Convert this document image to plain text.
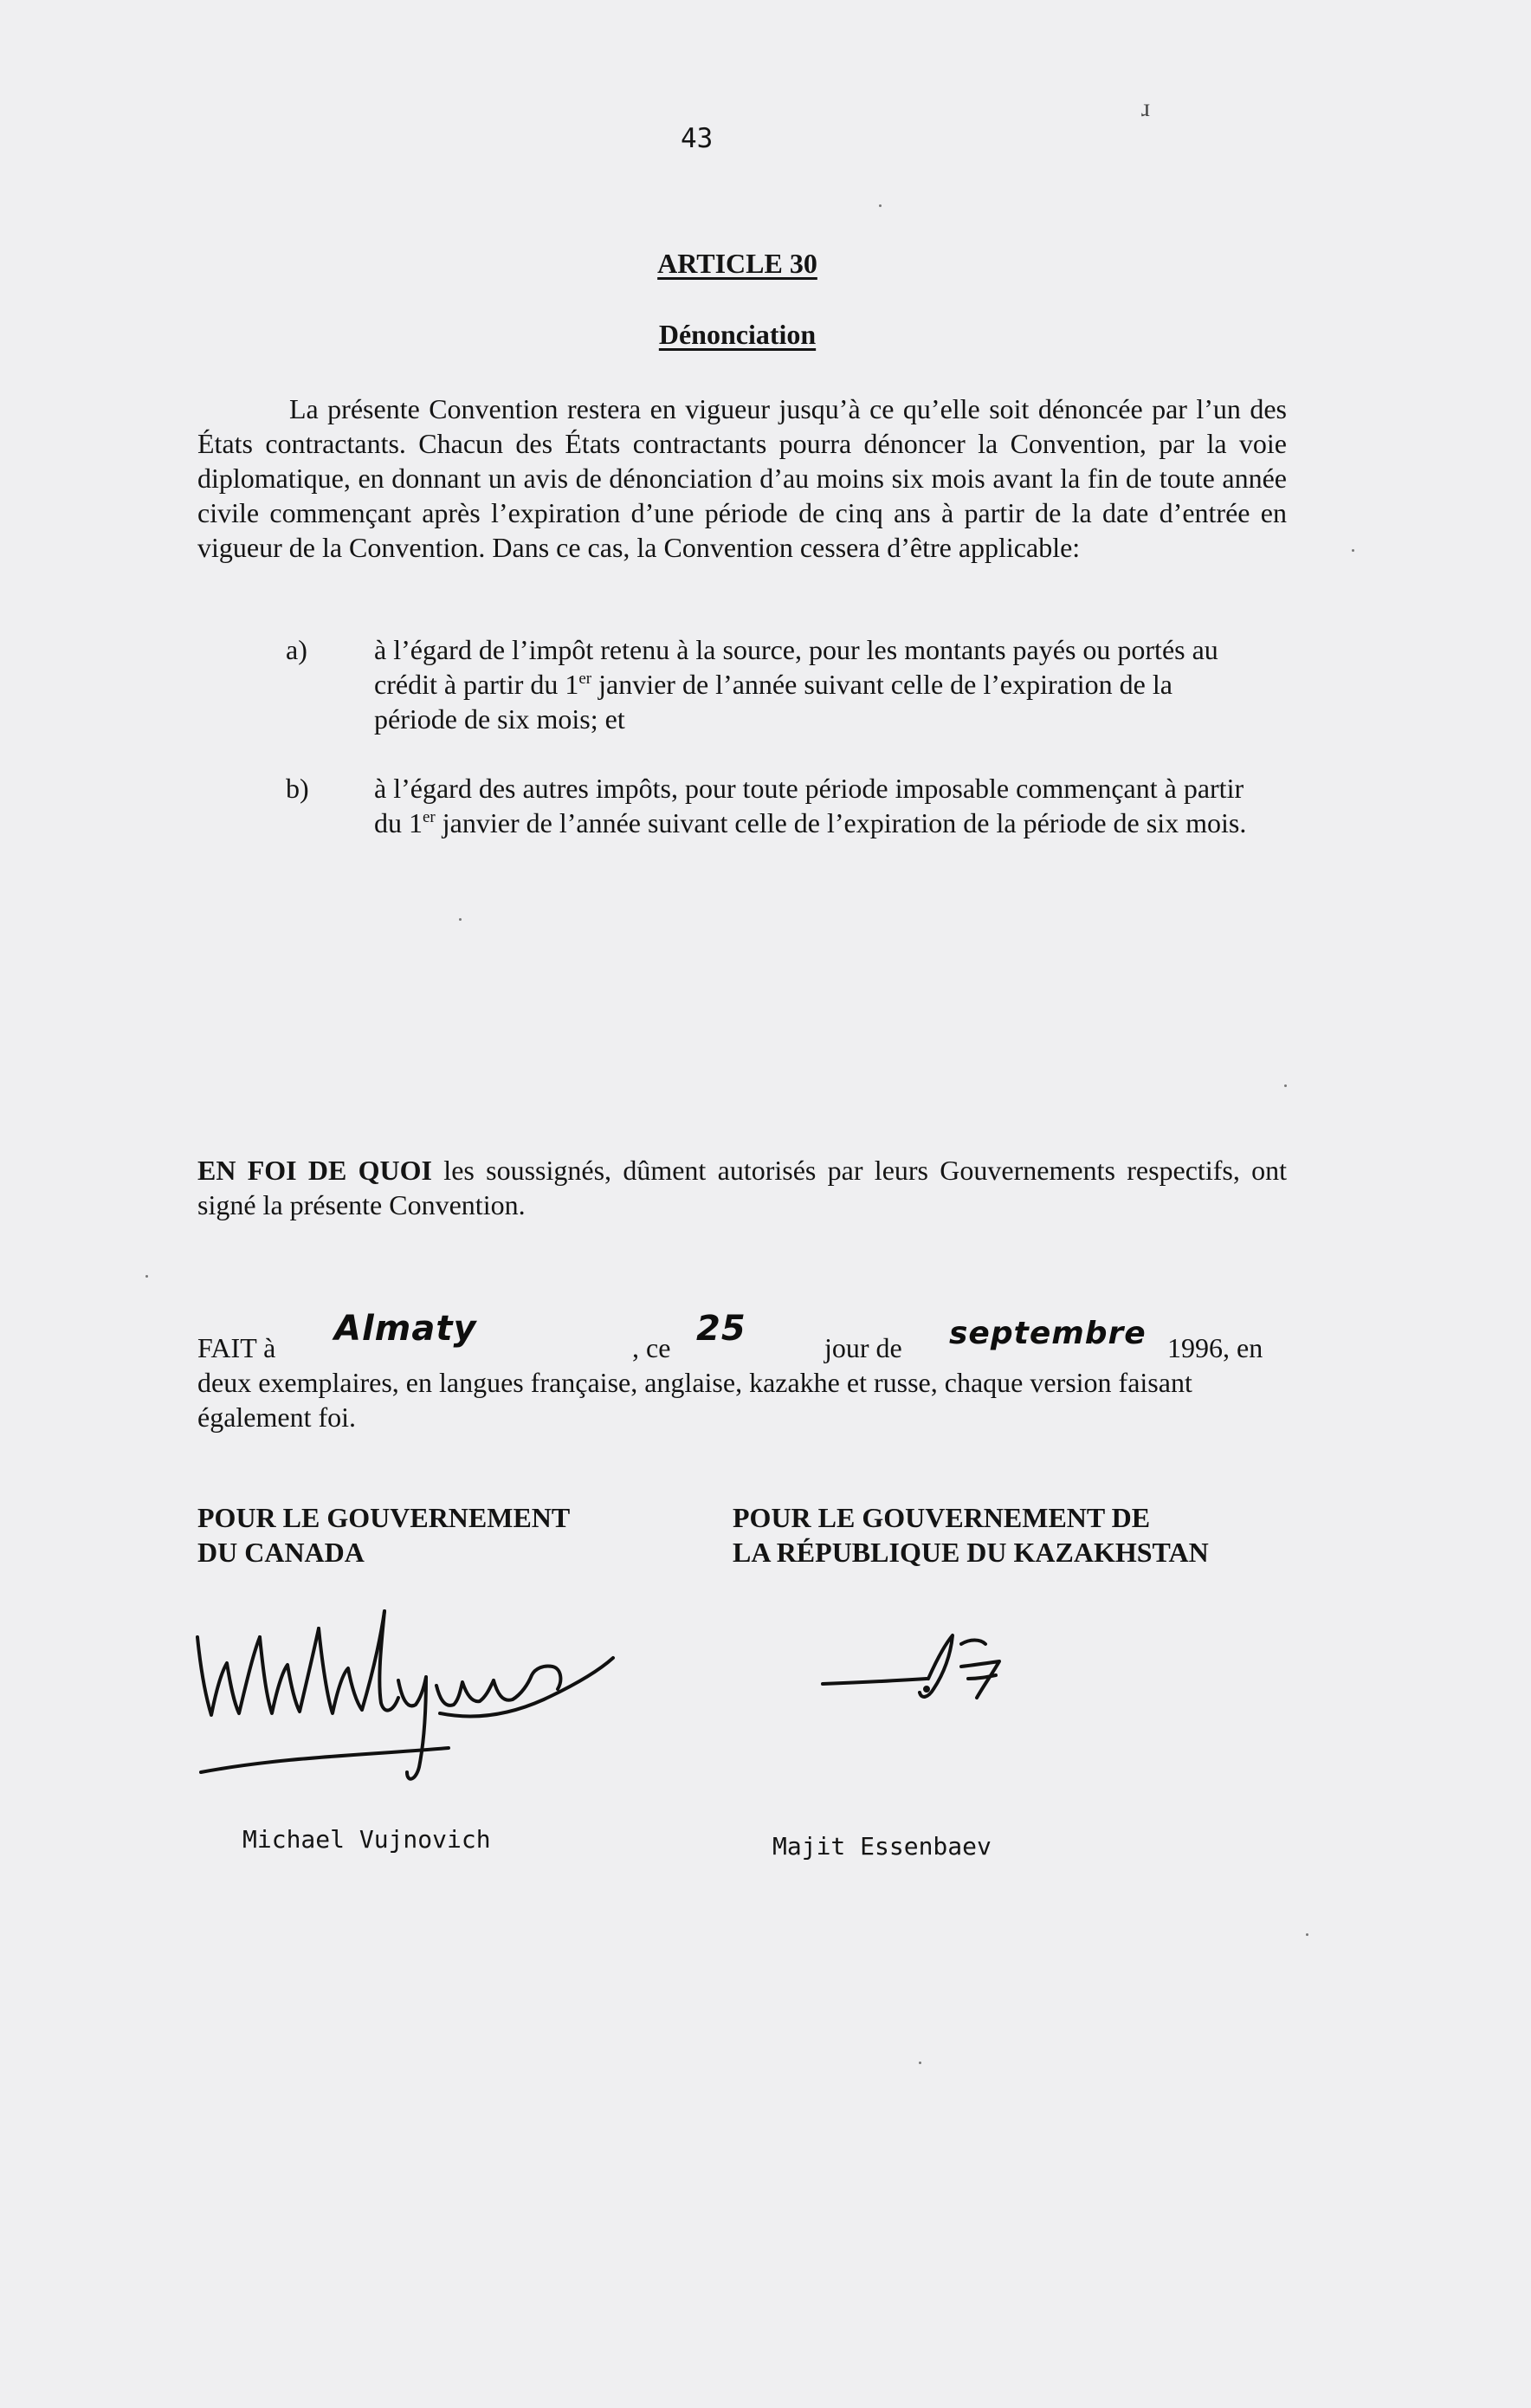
43
ɹ
ARTICLE 30
Dénonciation
La présente Convention restera en vigueur jusqu’à ce qu’elle soit dénoncée par l’un des États contractants. Chacun des États contractants pourra dénoncer la Convention, par la voie diplomatique, en donnant un avis de dénonciation d’au moins six mois avant la fin de toute année civile commençant après l’expiration d’une période de cinq ans à partir de la date d’entrée en vigueur de la Convention. Dans ce cas, la Convention cessera d’être applicable:
a) à l’égard de l’impôt retenu à la source, pour les montants payés ou portés au crédit à partir du 1er janvier de l’année suivant celle de l’expiration de la période de six mois; et
b) à l’égard des autres impôts, pour toute période imposable commençant à partir du 1er janvier de l’année suivant celle de l’expiration de la période de six mois.
EN FOI DE QUOI les soussignés, dûment autorisés par leurs Gouvernements respectifs, ont signé la présente Convention.
FAIT à Almaty	, ce 25	jour de septembre 1996, en
deux exemplaires, en langues française, anglaise, kazakhe et russe, chaque version faisant également foi.
POUR LE GOUVERNEMENT
DU CANADA
POUR LE GOUVERNEMENT DE
LA RÉPUBLIQUE DU KAZAKHSTAN
Michael Vujnovich	Majit Essenbaev
